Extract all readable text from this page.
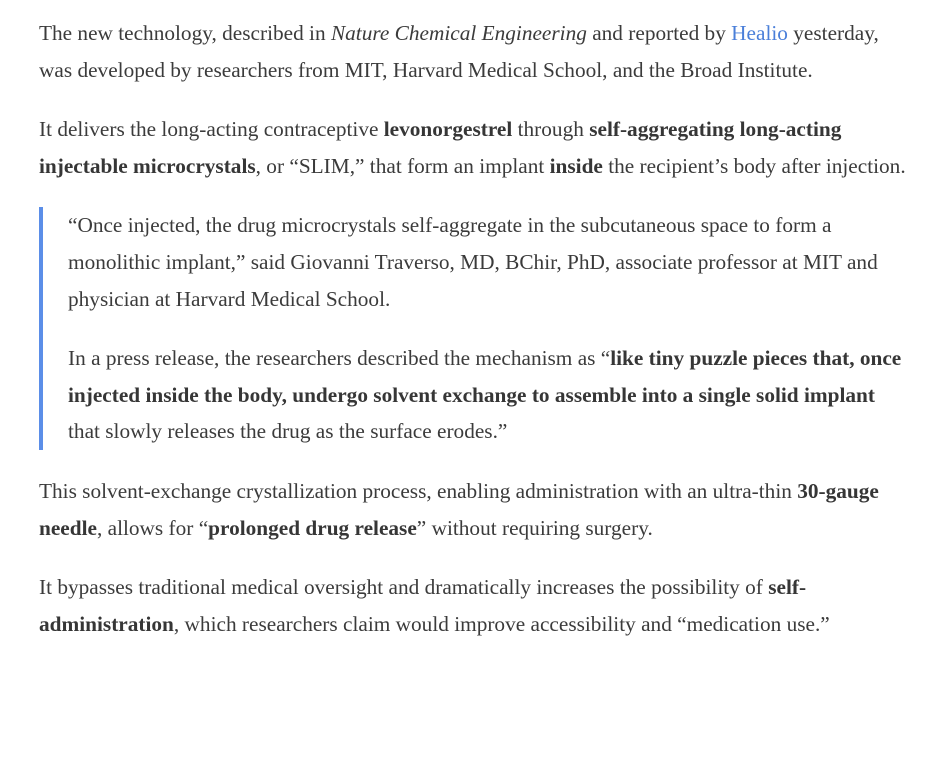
The new technology, described in Nature Chemical Engineering and reported by Healio yesterday, was developed by researchers from MIT, Harvard Medical School, and the Broad Institute.

It delivers the long-acting contraceptive levonorgestrel through self-aggregating long-acting injectable microcrystals, or “SLIM,” that form an implant inside the recipient’s body after injection.

“Once injected, the drug microcrystals self-aggregate in the subcutaneous space to form a monolithic implant,” said Giovanni Traverso, MD, BChir, PhD, associate professor at MIT and physician at Harvard Medical School.

In a press release, the researchers described the mechanism as “like tiny puzzle pieces that, once injected inside the body, undergo solvent exchange to assemble into a single solid implant that slowly releases the drug as the surface erodes.”

This solvent-exchange crystallization process, enabling administration with an ultra-thin 30-gauge needle, allows for “prolonged drug release” without requiring surgery.

It bypasses traditional medical oversight and dramatically increases the possibility of self-administration, which researchers claim would improve accessibility and “medication use.”
